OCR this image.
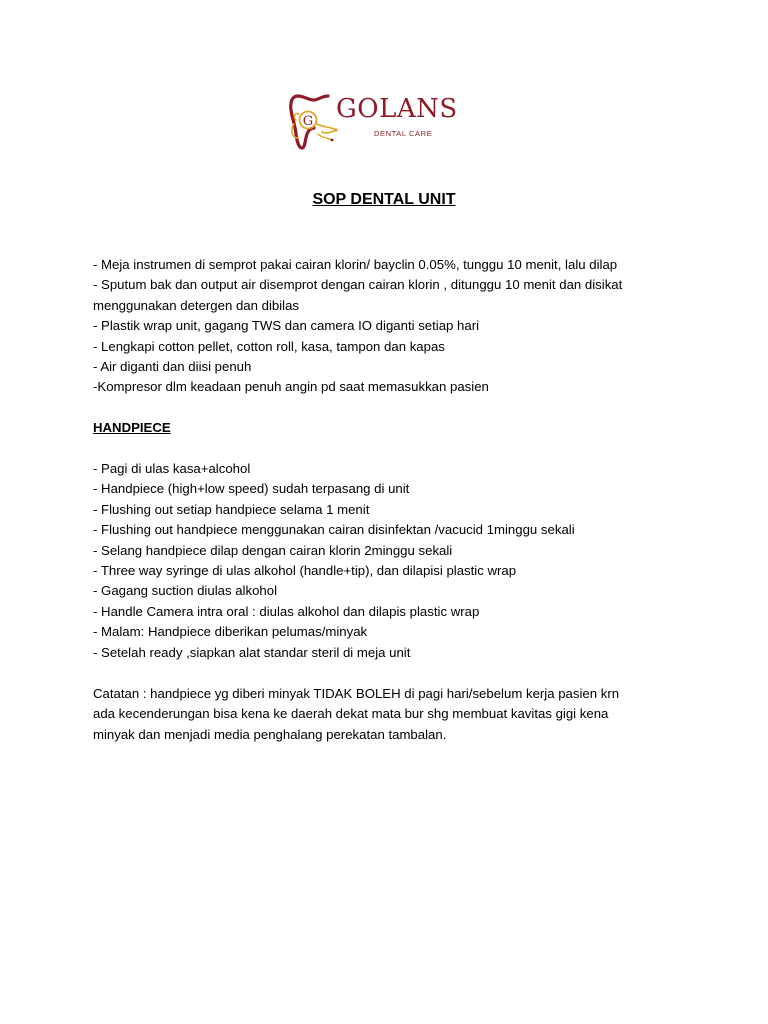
G GOLANS
DENTAL CARE
SOP DENTAL UNIT
- Meja instrumen di semprot pakai cairan klorin/ bayclin 0.05%, tunggu 10 menit, lalu dilap
- Sputum bak dan output air disemprot dengan cairan klorin , ditunggu 10 menit dan disikat
menggunakan detergen dan dibilas
- Plastik wrap unit, gagang TWS dan camera IO diganti setiap hari
- Lengkapi cotton pellet, cotton roll, kasa, tampon dan kapas
- Air diganti dan diisi penuh
-Kompresor dlm keadaan penuh angin pd saat memasukkan pasien
HANDPIECE
- Pagi di ulas kasa+alcohol
- Handpiece (high+low speed) sudah terpasang di unit
- Flushing out setiap handpiece selama 1 menit
- Flushing out handpiece menggunakan cairan disinfektan /vacucid 1minggu sekali
- Selang handpiece dilap dengan cairan klorin 2minggu sekali
- Three way syringe di ulas alkohol (handle+tip), dan dilapisi plastic wrap
- Gagang suction diulas alkohol
- Handle Camera intra oral : diulas alkohol dan dilapis plastic wrap
- Malam: Handpiece diberikan pelumas/minyak
- Setelah ready ,siapkan alat standar steril di meja unit
Catatan : handpiece yg diberi minyak TIDAK BOLEH di pagi hari/sebelum kerja pasien krn
ada kecenderungan bisa kena ke daerah dekat mata bur shg membuat kavitas gigi kena
minyak dan menjadi media penghalang perekatan tambalan.
